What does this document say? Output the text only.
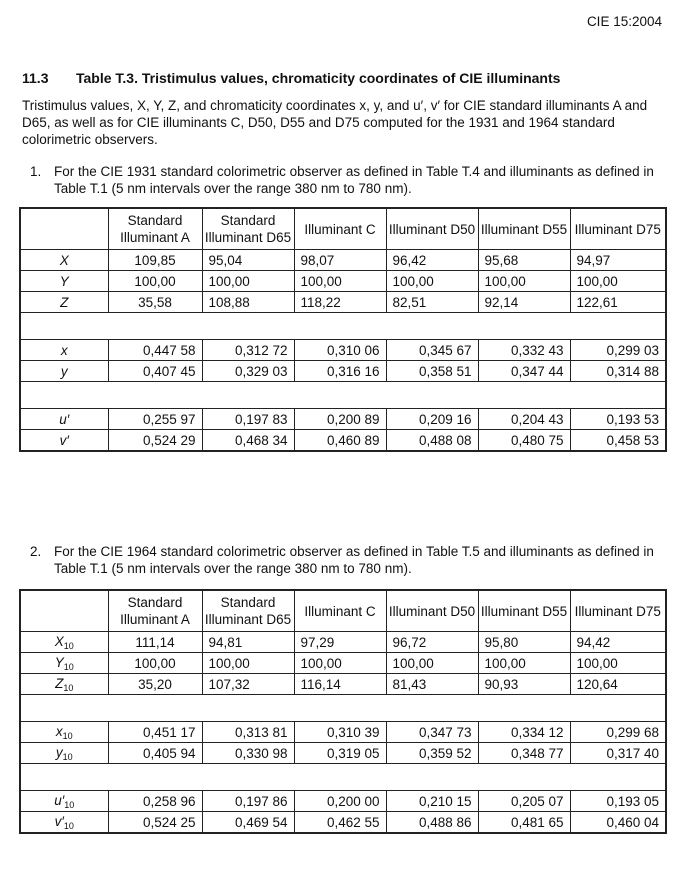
CIE 15:2004
11.3 Table T.3. Tristimulus values, chromaticity coordinates of CIE illuminants
Tristimulus values, X, Y, Z, and chromaticity coordinates x, y, and u′, v′ for CIE standard illuminants A and D65, as well as for CIE illuminants C, D50, D55 and D75 computed for the 1931 and 1964 standard colorimetric observers.
1. For the CIE 1931 standard colorimetric observer as defined in Table T.4 and illuminants as defined in Table T.1 (5 nm intervals over the range 380 nm to 780 nm).
	Standard Illuminant A	Standard Illuminant D65	Illuminant C	Illuminant D50	Illuminant D55	Illuminant D75
X	109,85	95,04	98,07	96,42	95,68	94,97
Y	100,00	100,00	100,00	100,00	100,00	100,00
Z	35,58	108,88	118,22	82,51	92,14	122,61

x	0,447 58	0,312 72	0,310 06	0,345 67	0,332 43	0,299 03
y	0,407 45	0,329 03	0,316 16	0,358 51	0,347 44	0,314 88

u′	0,255 97	0,197 83	0,200 89	0,209 16	0,204 43	0,193 53
v′	0,524 29	0,468 34	0,460 89	0,488 08	0,480 75	0,458 53
2. For the CIE 1964 standard colorimetric observer as defined in Table T.5 and illuminants as defined in Table T.1 (5 nm intervals over the range 380 nm to 780 nm).
	Standard Illuminant A	Standard Illuminant D65	Illuminant C	Illuminant D50	Illuminant D55	Illuminant D75
$X_{10}$	111,14	94,81	97,29	96,72	95,80	94,42
$Y_{10}$	100,00	100,00	100,00	100,00	100,00	100,00
$Z_{10}$	35,20	107,32	116,14	81,43	90,93	120,64

$x_{10}$	0,451 17	0,313 81	0,310 39	0,347 73	0,334 12	0,299 68
$y_{10}$	0,405 94	0,330 98	0,319 05	0,359 52	0,348 77	0,317 40

$u'_{10}$	0,258 96	0,197 86	0,200 00	0,210 15	0,205 07	0,193 05
$v'_{10}$	0,524 25	0,469 54	0,462 55	0,488 86	0,481 65	0,460 04
